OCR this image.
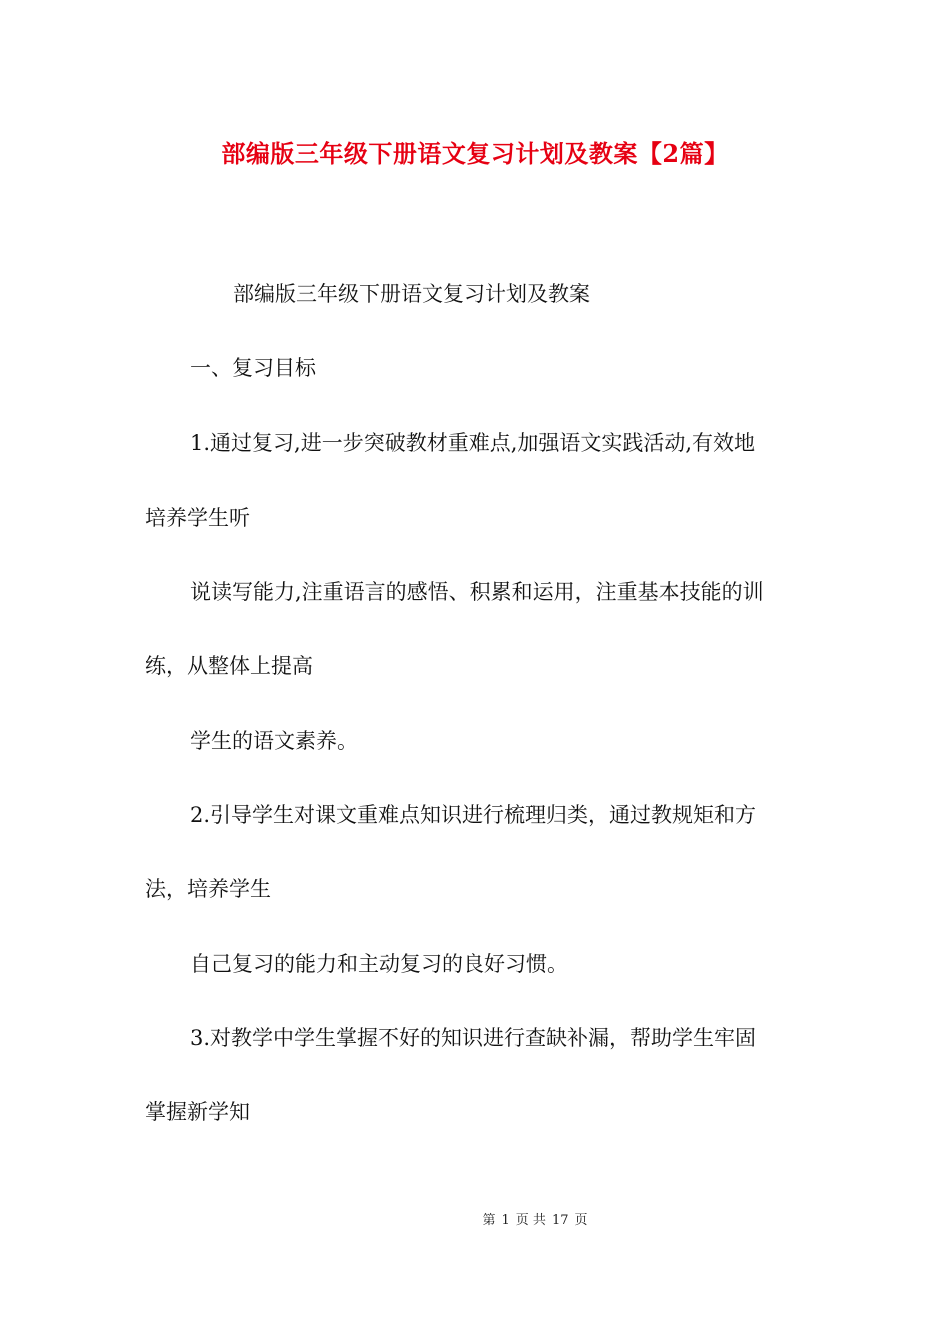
部编版三年级下册语文复习计划及教案【2篇】
部编版三年级下册语文复习计划及教案
一、复习目标
1.通过复习,进一步突破教材重难点,加强语文实践活动,有效地
培养学生听
说读写能力,注重语言的感悟、积累和运用，注重基本技能的训
练，从整体上提高
学生的语文素养。
2.引导学生对课文重难点知识进行梳理归类，通过教规矩和方
法，培养学生
自己复习的能力和主动复习的良好习惯。
3.对教学中学生掌握不好的知识进行查缺补漏，帮助学生牢固
掌握新学知
第 1 页 共 17 页
